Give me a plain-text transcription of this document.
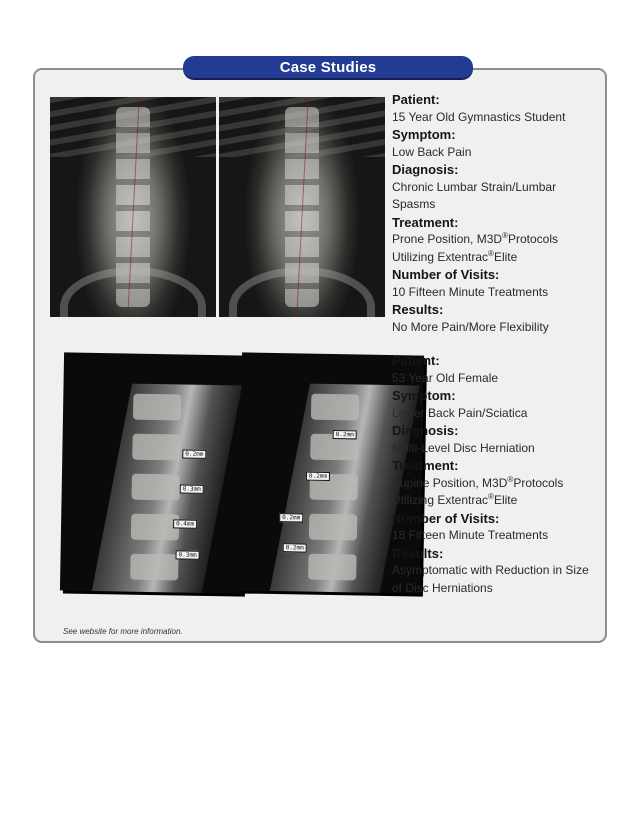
Case Studies
0.2mm
0.3mm
0.4mm
0.3mm
0.2mm
0.2mm
0.2mm
0.2mm
Patient:
15 Year Old Gymnastics Student
Symptom:
Low Back Pain
Diagnosis:
Chronic Lumbar Strain/Lumbar Spasms
Treatment:
Prone Position, M3D®Protocols
Utilizing Extentrac®Elite
Number of Visits:
10 Fifteen Minute Treatments
Results:
No More Pain/More Flexibility
Patient:
53 Year Old Female
Symptom:
Lower Back Pain/Sciatica
Diagnosis:
Multi-Level Disc Herniation
Treatment:
Supine Position, M3D®Protocols
Utilizing Extentrac®Elite
Number of Visits:
18 Fifteen Minute Treatments
Results:
Asymptomatic with Reduction in Size of Disc Herniations
See website for more information.
